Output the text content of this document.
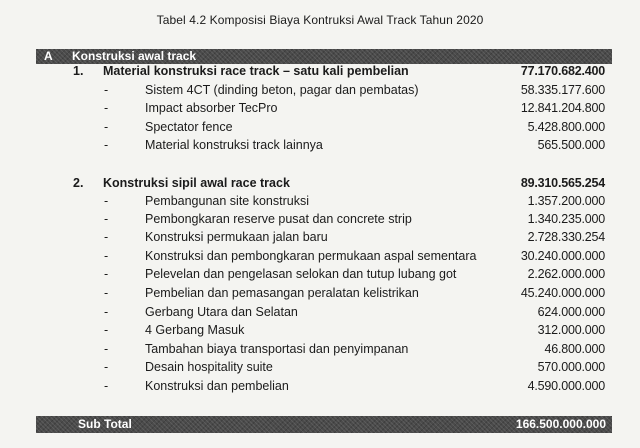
Tabel 4.2 Komposisi Biaya Kontruksi Awal Track Tahun 2020
A Konstruksi awal track
1. Material konstruksi race track – satu kali pembelian	77.170.682.400
-	Sistem 4CT (dinding beton, pagar dan pembatas)	58.335.177.600
-	Impact absorber TecPro	12.841.204.800
-	Spectator fence	5.428.800.000
-	Material konstruksi track lainnya	565.500.000
2. Konstruksi sipil awal race track	89.310.565.254
-	Pembangunan site konstruksi	1.357.200.000
-	Pembongkaran reserve pusat dan concrete strip	1.340.235.000
-	Konstruksi permukaan jalan baru	2.728.330.254
-	Konstruksi dan pembongkaran permukaan aspal sementara	30.240.000.000
-	Pelevelan dan pengelasan selokan dan tutup lubang got	2.262.000.000
-	Pembelian dan pemasangan peralatan kelistrikan	45.240.000.000
-	Gerbang Utara dan Selatan	624.000.000
-	4 Gerbang Masuk	312.000.000
-	Tambahan biaya transportasi dan penyimpanan	46.800.000
-	Desain hospitality suite	570.000.000
-	Konstruksi dan pembelian	4.590.000.000
Sub Total	166.500.000.000
